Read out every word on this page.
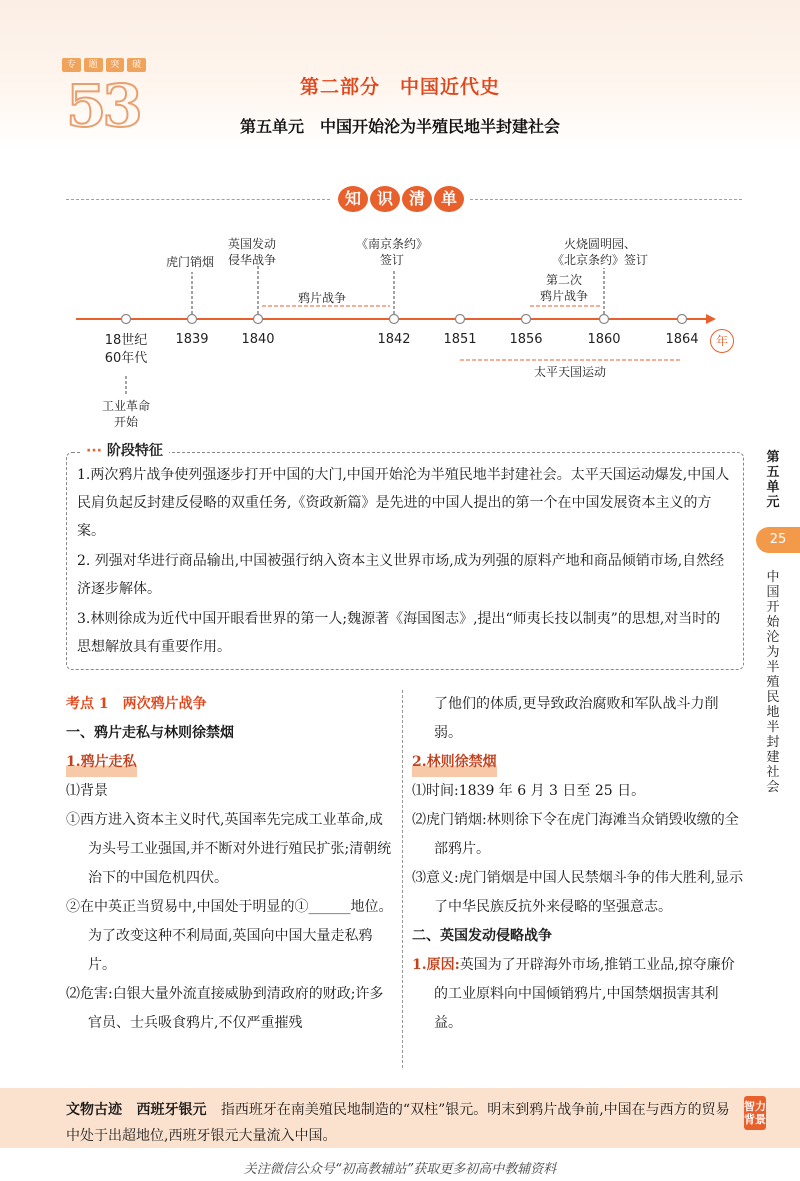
专	题	突	破
53	第二部分　中国近代史
第五单元　中国开始沦为半殖民地半封建社会
知 识 清 单
虎门销烟
英国发动
侵华战争
《南京条约》
签订
火烧圆明园、
《北京条约》签订
鸦片战争
第二次
鸦片战争
太平天国运动
工业革命
开始
18世纪
60年代
1839	1840	1842	1851	1856	1860	1864	年

1.两次鸦片战争使列强逐步打开中国的大门,中国开始沦为半殖民地半封建社会。太平天国运动爆发,中国人民肩负起反封建反侵略的双重任务,《资政新篇》是先进的中国人提出的第一个在中国发展资本主义的方案。

2. 列强对华进行商品输出,中国被强行纳入资本主义世界市场,成为列强的原料产地和商品倾销市场,自然经济逐步解体。

3.林则徐成为近代中国开眼看世界的第一人;魏源著《海国图志》,提出“师夷长技以制夷”的思想,对当时的思想解放具有重要作用。

··· 阶段特征	第五单元
25
中国开始沦为半殖民地半封建社会

考点 1　两次鸦片战争

一、鸦片走私与林则徐禁烟

1.鸦片走私

⑴背景

①西方进入资本主义时代,英国率先完成工业革命,成为头号工业强国,并不断对外进行殖民扩张;清朝统治下的中国危机四伏。

②在中英正当贸易中,中国处于明显的①______地位。为了改变这种不利局面,英国向中国大量走私鸦片。

⑵危害:白银大量外流直接威胁到清政府的财政;许多官员、士兵吸食鸦片,不仅严重摧残

了他们的体质,更导致政治腐败和军队战斗力削弱。

2.林则徐禁烟

⑴时间:1839 年 6 月 3 日至 25 日。

⑵虎门销烟:林则徐下令在虎门海滩当众销毁收缴的全部鸦片。

⑶意义:虎门销烟是中国人民禁烟斗争的伟大胜利,显示了中华民族反抗外来侵略的坚强意志。

二、英国发动侵略战争

1.原因:英国为了开辟海外市场,推销工业品,掠夺廉价的工业原料向中国倾销鸦片,中国禁烟损害其利益。

文物古迹 西班牙银元 指西班牙在南美殖民地制造的“双柱”银元。明末到鸦片战争前,中国在与西方的贸易中处于出超地位,西班牙银元大量流入中国。
智力背景
关注微信公众号“初高教辅站”获取更多初高中教辅资料
